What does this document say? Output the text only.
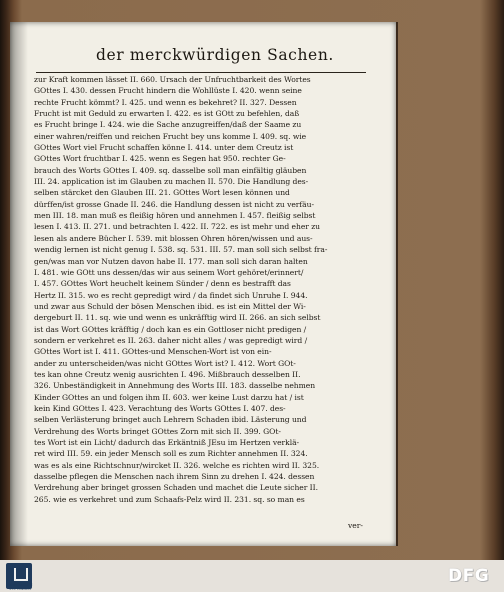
der merckwürdigen Sachen.
zur Kraft kommen lässet II. 660. Ursach der Unfruchtbarkeit des Wortes
GOttes I. 430. dessen Frucht hindern die Wohllüste I. 420. wenn seine
rechte Frucht kömmt? I. 425. und wenn es bekehret? II. 327. Dessen
Frucht ist mit Geduld zu erwarten I. 422. es ist GOtt zu befehlen, daß
es Frucht bringe I. 424. wie die Sache anzugreiffen/daß der Saame zu
einer wahren/reiffen und reichen Frucht bey uns komme I. 409. sq. wie
GOttes Wort viel Frucht schaffen könne I. 414. unter dem Creutz ist
GOttes Wort fruchtbar I. 425. wenn es Segen hat 950. rechter Ge-
brauch des Worts GOttes I. 409. sq. dasselbe soll man einfältig gläuben
III. 24. application ist im Glauben zu machen II. 570. Die Handlung des-
selben stärcket den Glauben III. 21. GOttes Wort lesen können und
dürffen/ist grosse Gnade II. 246. die Handlung dessen ist nicht zu verfäu-
men III. 18. man muß es fleißig hören und annehmen I. 457. fleißig selbst
lesen I. 413. II. 271. und betrachten I. 422. II. 722. es ist mehr und eher zu
lesen als andere Bücher I. 539. mit blossen Ohren hören/wissen und aus-
wendig lernen ist nicht genug I. 538. sq. 531. III. 57. man soll sich selbst fra-
gen/was man vor Nutzen davon habe II. 177. man soll sich daran halten
I. 481. wie GOtt uns dessen/das wir aus seinem Wort gehöret/erinnert/
I. 457. GOttes Wort heuchelt keinem Sünder / denn es bestrafft das
Hertz II. 315. wo es recht gepredigt wird / da findet sich Unruhe I. 944.
und zwar aus Schuld der bösen Menschen ibid. es ist ein Mittel der Wi-
dergeburt II. 11. sq. wie und wenn es unkräfftig wird II. 266. an sich selbst
ist das Wort GOttes kräfftig / doch kan es ein Gottloser nicht predigen /
sondern er verkehret es II. 263. daher nicht alles / was gepredigt wird /
GOttes Wort ist I. 411. GOttes-und Menschen-Wort ist von ein-
ander zu unterscheiden/was nicht GOttes Wort ist? I. 412. Wort GOt-
tes kan ohne Creutz wenig ausrichten I. 496. Mißbrauch desselben II.
326. Unbeständigkeit in Annehmung des Worts III. 183. dasselbe nehmen
Kinder GOttes an und folgen ihm II. 603. wer keine Lust darzu hat / ist
kein Kind GOttes I. 423. Verachtung des Worts GOttes I. 407. des-
selben Verlästerung bringet auch Lehrern Schaden ibid. Lästerung und
Verdrehung des Worts bringet GOttes Zorn mit sich II. 399. GOt-
tes Wort ist ein Licht/ dadurch das Erkäntniß JEsu im Hertzen verklä-
ret wird III. 59. ein jeder Mensch soll es zum Richter annehmen II. 324.
was es als eine Richtschnur/wircket II. 326. welche es richten wird II. 325.
dasselbe pflegen die Menschen nach ihrem Sinn zu drehen I. 424. dessen
Verdrehung aber bringet grossen Schaden und machet die Leute sicher II.
265. wie es verkehret und zum Schaafs-Pelz wird II. 231. sq. so man es
ver-
FRANCKESCHE STIFTUNGEN
DFG
